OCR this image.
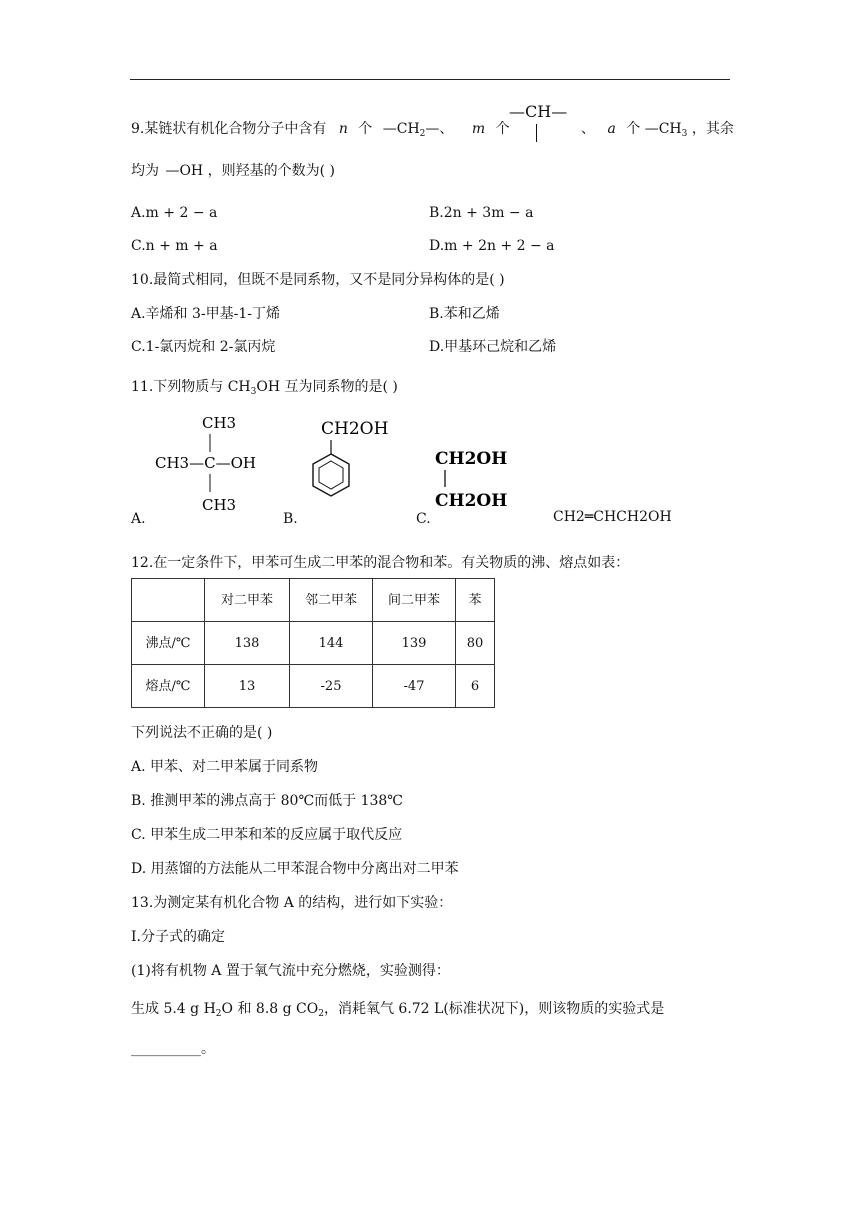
9.某链状有机化合物分子中含有 n 个 $—CH_2—$、 m 个
—CH—
、 a 个 $—CH_3$ ，其余
均为 —OH ，则羟基的个数为( )
A.m + 2 − a	B.2n + 3m − a
C.n + m + a	D.m + 2n + 2 − a
10.最简式相同，但既不是同系物，又不是同分异构体的是( )
A.辛烯和 3-甲基-1-丁烯	B.苯和乙烯
C.1-氯丙烷和 2-氯丙烷	D.甲基环己烷和乙烯
11.下列物质与 $CH_3OH$ 互为同系物的是( )
A.
CH3
CH3—C—OH
CH3
B.
CH2OH
C.
CH2OH
CH2OH
CH2═CHCH2OH
12.在一定条件下，甲苯可生成二甲苯的混合物和苯。有关物质的沸、熔点如表：
	对二甲苯	邻二甲苯	间二甲苯	苯
沸点/℃	138	144	139	80
熔点/℃	13	-25	-47	6
下列说法不正确的是( )
A. 甲苯、对二甲苯属于同系物
B. 推测甲苯的沸点高于 80℃而低于 138℃
C. 甲苯生成二甲苯和苯的反应属于取代反应
D. 用蒸馏的方法能从二甲苯混合物中分离出对二甲苯
13.为测定某有机化合物 A 的结构，进行如下实验：
Ⅰ.分子式的确定
(1)将有机物 A 置于氧气流中充分燃烧，实验测得：
生成 5.4 g $H_2O$ 和 8.8 g $CO_2$，消耗氧气 6.72 L(标准状况下)，则该物质的实验式是
__________。
